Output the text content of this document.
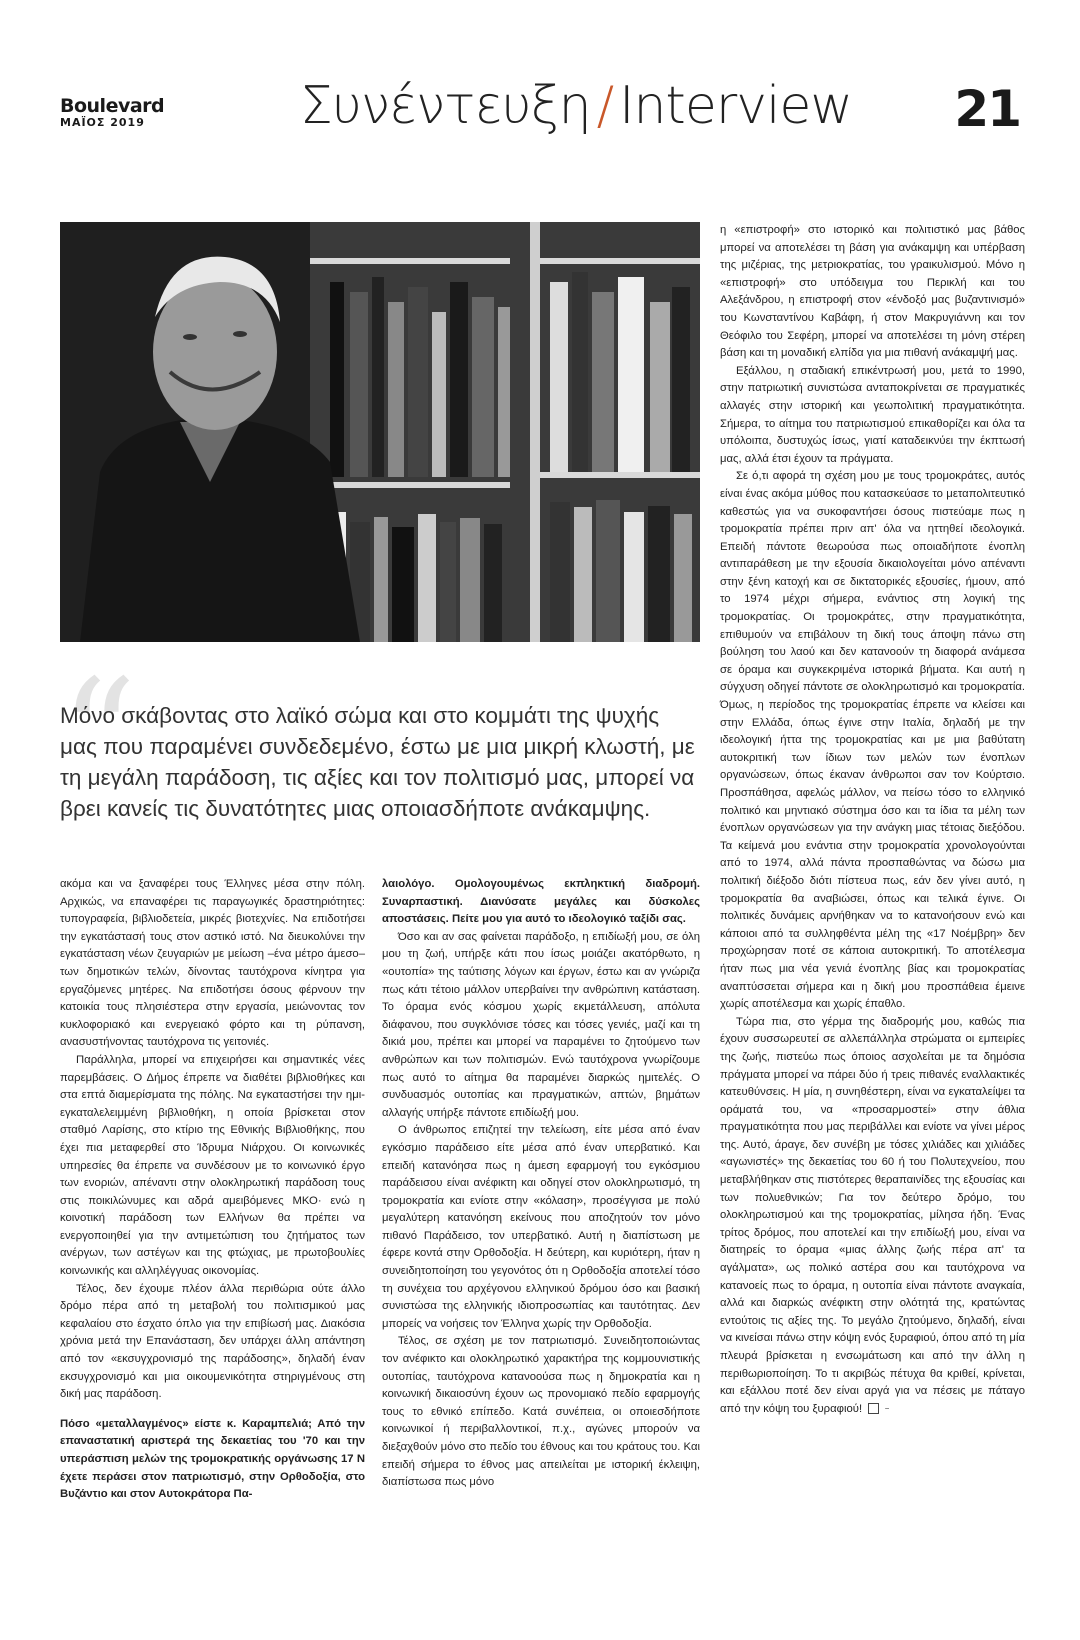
Boulevard
ΜΑΪΟΣ 2019	Συνέντευξη / Interview 21
“
Μόνο σκάβοντας στο λαϊκό σώμα και στο κομμάτι της ψυχής μας που παραμένει συνδεδεμένο, έστω με μια μικρή κλωστή, με τη μεγάλη παράδοση, τις αξίες και τον πολιτισμό μας, μπορεί να βρει κανείς τις δυνατότητες μιας οποιασδήποτε ανάκαμψης.

ακόμα και να ξαναφέρει τους Έλληνες μέσα στην πόλη. Αρχικώς, να επαναφέρει τις παραγωγικές δραστηριότητες: τυπογραφεία, βιβλιοδετεία, μικρές βιοτεχνίες. Να επιδοτήσει την εγκατάστασή τους στον αστικό ιστό. Να διευκολύνει την εγκατάσταση νέων ζευγαριών με μείωση –ένα μέτρο άμεσο– των δημοτικών τελών, δίνοντας ταυτόχρονα κίνητρα για εργαζόμενες μητέρες. Να επιδοτήσει όσους φέρνουν την κατοικία τους πλησιέστερα στην εργασία, μειώνοντας τον κυκλοφοριακό και ενεργειακό φόρτο και τη ρύπανση, ανασυστήνοντας ταυτόχρονα τις γειτονιές.

Παράλληλα, μπορεί να επιχειρήσει και σημαντικές νέες παρεμβάσεις. Ο Δήμος έπρεπε να διαθέτει βιβλιοθήκες και στα επτά διαμερίσματα της πόλης. Να εγκαταστήσει την ημι-εγκαταλελειμμένη βιβλιοθήκη, η οποία βρίσκεται στον σταθμό Λαρίσης, στο κτίριο της Εθνικής Βιβλιοθήκης, που έχει πια μεταφερθεί στο Ίδρυμα Νιάρχου. Οι κοινωνικές υπηρεσίες θα έπρεπε να συνδέσουν με το κοινωνικό έργο των ενοριών, απέναντι στην ολοκληρωτική παράδοση τους στις ποικιλώνυμες και αδρά αμειβόμενες ΜΚΟ· ενώ η κοινοτική παράδοση των Ελλήνων θα πρέπει να ενεργοποιηθεί για την αντιμετώπιση του ζητήματος των ανέργων, των αστέγων και της φτώχιας, με πρωτοβουλίες κοινωνικής και αλληλέγγυας οικονομίας.

Τέλος, δεν έχουμε πλέον άλλα περιθώρια ούτε άλλο δρόμο πέρα από τη μεταβολή του πολιτισμικού μας κεφαλαίου στο έσχατο όπλο για την επιβίωσή μας. Διακόσια χρόνια μετά την Επανάσταση, δεν υπάρχει άλλη απάντηση από τον «εκσυγχρονισμό της παράδοσης», δηλαδή έναν εκσυγχρονισμό και μια οικουμενικότητα στηριγμένους στη δική μας παράδοση.

Πόσο «μεταλλαγμένος» είστε κ. Καραμπελιά; Από την επαναστατική αριστερά της δεκαετίας του '70 και την υπεράσπιση μελών της τρομοκρατικής οργάνωσης 17 Ν έχετε περάσει στον πατριωτισμό, στην Ορθοδοξία, στο Βυζάντιο και στον Αυτοκράτορα Πα-

λαιολόγο. Ομολογουμένως εκπληκτική διαδρομή. Συναρπαστική. Διανύσατε μεγάλες και δύσκολες αποστάσεις. Πείτε μου για αυτό το ιδεολογικό ταξίδι σας.

Όσο και αν σας φαίνεται παράδοξο, η επιδίωξή μου, σε όλη μου τη ζωή, υπήρξε κάτι που ίσως μοιάζει ακατόρθωτο, η «ουτοπία» της ταύτισης λόγων και έργων, έστω και αν γνώριζα πως κάτι τέτοιο μάλλον υπερβαίνει την ανθρώπινη κατάσταση. Το όραμα ενός κόσμου χωρίς εκμετάλλευση, απόλυτα διάφανου, που συγκλόνισε τόσες και τόσες γενιές, μαζί και τη δικιά μου, πρέπει και μπορεί να παραμένει το ζητούμενο των ανθρώπων και των πολιτισμών. Ενώ ταυτόχρονα γνωρίζουμε πως αυτό το αίτημα θα παραμένει διαρκώς ημιτελές. Ο συνδυασμός ουτοπίας και πραγματικών, απτών, βημάτων αλλαγής υπήρξε πάντοτε επιδίωξή μου.

Ο άνθρωπος επιζητεί την τελείωση, είτε μέσα από έναν εγκόσμιο παράδεισο είτε μέσα από έναν υπερβατικό. Και επειδή κατανόησα πως η άμεση εφαρμογή του εγκόσμιου παράδεισου είναι ανέφικτη και οδηγεί στον ολοκληρωτισμό, τη τρομοκρατία και ενίοτε στην «κόλαση», προσέγγισα με πολύ μεγαλύτερη κατανόηση εκείνους που αποζητούν τον μόνο πιθανό Παράδεισο, τον υπερβατικό. Αυτή η διαπίστωση με έφερε κοντά στην Ορθοδοξία. Η δεύτερη, και κυριότερη, ήταν η συνειδητοποίηση του γεγονότος ότι η Ορθοδοξία αποτελεί τόσο τη συνέχεια του αρχέγονου ελληνικού δρόμου όσο και βασική συνιστώσα της ελληνικής ιδιοπροσωπίας και ταυτότητας. Δεν μπορείς να νοήσεις τον Έλληνα χωρίς την Ορθοδοξία.

Τέλος, σε σχέση με τον πατριωτισμό. Συνειδητοποιώντας τον ανέφικτο και ολοκληρωτικό χαρακτήρα της κομμουνιστικής ουτοπίας, ταυτόχρονα κατανοούσα πως η δημοκρατία και η κοινωνική δικαιοσύνη έχουν ως προνομιακό πεδίο εφαρμογής τους το εθνικό επίπεδο. Κατά συνέπεια, οι οποιεσδήποτε κοινωνικοί ή περιβαλλοντικοί, π.χ., αγώνες μπορούν να διεξαχθούν μόνο στο πεδίο του έθνους και του κράτους του. Και επειδή σήμερα το έθνος μας απειλείται με ιστορική έκλειψη, διαπίστωσα πως μόνο

η «επιστροφή» στο ιστορικό και πολιτιστικό μας βάθος μπορεί να αποτελέσει τη βάση για ανάκαμψη και υπέρβαση της μιζέριας, της μετριοκρατίας, του γραικυλισμού. Μόνο η «επιστροφή» στο υπόδειγμα του Περικλή και του Αλεξάνδρου, η επιστροφή στον «ένδοξό μας βυζαντινισμό» του Κωνσταντίνου Καβάφη, ή στον Μακρυγιάννη και τον Θεόφιλο του Σεφέρη, μπορεί να αποτελέσει τη μόνη στέρεη βάση και τη μοναδική ελπίδα για μια πιθανή ανάκαμψή μας.

Εξάλλου, η σταδιακή επικέντρωσή μου, μετά το 1990, στην πατριωτική συνιστώσα ανταποκρίνεται σε πραγματικές αλλαγές στην ιστορική και γεωπολιτική πραγματικότητα. Σήμερα, το αίτημα του πατριωτισμού επικαθορίζει και όλα τα υπόλοιπα, δυστυχώς ίσως, γιατί καταδεικνύει την έκπτωσή μας, αλλά έτσι έχουν τα πράγματα.

Σε ό,τι αφορά τη σχέση μου με τους τρομοκράτες, αυτός είναι ένας ακόμα μύθος που κατασκεύασε το μεταπολιτευτικό καθεστώς για να συκοφαντήσει όσους πιστεύαμε πως η τρομοκρατία πρέπει πριν απ' όλα να ηττηθεί ιδεολογικά. Επειδή πάντοτε θεωρούσα πως οποιαδήποτε ένοπλη αντιπαράθεση με την εξουσία δικαιολογείται μόνο απέναντι στην ξένη κατοχή και σε δικτατορικές εξουσίες, ήμουν, από το 1974 μέχρι σήμερα, ενάντιος στη λογική της τρομοκρατίας. Οι τρομοκράτες, στην πραγματικότητα, επιθυμούν να επιβάλουν τη δική τους άποψη πάνω στη βούληση του λαού και δεν κατανοούν τη διαφορά ανάμεσα σε όραμα και συγκεκριμένα ιστορικά βήματα. Και αυτή η σύγχυση οδηγεί πάντοτε σε ολοκληρωτισμό και τρομοκρατία. Όμως, η περίοδος της τρομοκρατίας έπρεπε να κλείσει και στην Ελλάδα, όπως έγινε στην Ιταλία, δηλαδή με την ιδεολογική ήττα της τρομοκρατίας και με μια βαθύτατη αυτοκριτική των ίδιων των μελών των ένοπλων οργανώσεων, όπως έκαναν άνθρωποι σαν τον Κούρτσιο. Προσπάθησα, αφελώς μάλλον, να πείσω τόσο το ελληνικό πολιτικό και μηντιακό σύστημα όσο και τα ίδια τα μέλη των ένοπλων οργανώσεων για την ανάγκη μιας τέτοιας διεξόδου. Τα κείμενά μου ενάντια στην τρομοκρατία χρονολογούνται από το 1974, αλλά πάντα προσπαθώντας να δώσω μια πολιτική διέξοδο διότι πίστευα πως, εάν δεν γίνει αυτό, η τρομοκρατία θα αναβιώσει, όπως και τελικά έγινε. Οι πολιτικές δυνάμεις αρνήθηκαν να το κατανοήσουν ενώ και κάποιοι από τα συλληφθέντα μέλη της «17 Νοέμβρη» δεν προχώρησαν ποτέ σε κάποια αυτοκριτική. Το αποτέλεσμα ήταν πως μια νέα γενιά ένοπλης βίας και τρομοκρατίας αναπτύσσεται σήμερα και η δική μου προσπάθεια έμεινε χωρίς αποτέλεσμα και χωρίς έπαθλο.

Τώρα πια, στο γέρμα της διαδρομής μου, καθώς πια έχουν συσσωρευτεί σε αλλεπάλληλα στρώματα οι εμπειρίες της ζωής, πιστεύω πως όποιος ασχολείται με τα δημόσια πράγματα μπορεί να πάρει δύο ή τρεις πιθανές εναλλακτικές κατευθύνσεις. Η μία, η συνηθέστερη, είναι να εγκαταλείψει τα οράματά του, να «προσαρμοστεί» στην άθλια πραγματικότητα που μας περιβάλλει και ενίοτε να γίνει μέρος της. Αυτό, άραγε, δεν συνέβη με τόσες χιλιάδες και χιλιάδες «αγωνιστές» της δεκαετίας του 60 ή του Πολυτεχνείου, που μεταβλήθηκαν στις πιστότερες θεραπαινίδες της εξουσίας και των πολυεθνικών; Για τον δεύτερο δρόμο, του ολοκληρωτισμού και της τρομοκρατίας, μίλησα ήδη. Ένας τρίτος δρόμος, που αποτελεί και την επιδίωξή μου, είναι να διατηρείς το όραμα «μιας άλλης ζωής πέρα απ' τα αγάλματα», ως πολικό αστέρα σου και ταυτόχρονα να κατανοείς πως το όραμα, η ουτοπία είναι πάντοτε αναγκαία, αλλά και διαρκώς ανέφικτη στην ολότητά της, κρατώντας εντούτοις τις αξίες της. Το μεγάλο ζητούμενο, δηλαδή, είναι να κινείσαι πάνω στην κόψη ενός ξυραφιού, όπου από τη μία πλευρά βρίσκεται η ενσωμάτωση και από την άλλη η περιθωριοποίηση. Το τι ακριβώς πέτυχα θα κριθεί, κρίνεται, και εξάλλου ποτέ δεν είναι αργά για να πέσεις με πάταγο από την κόψη του ξυραφιού!	–
